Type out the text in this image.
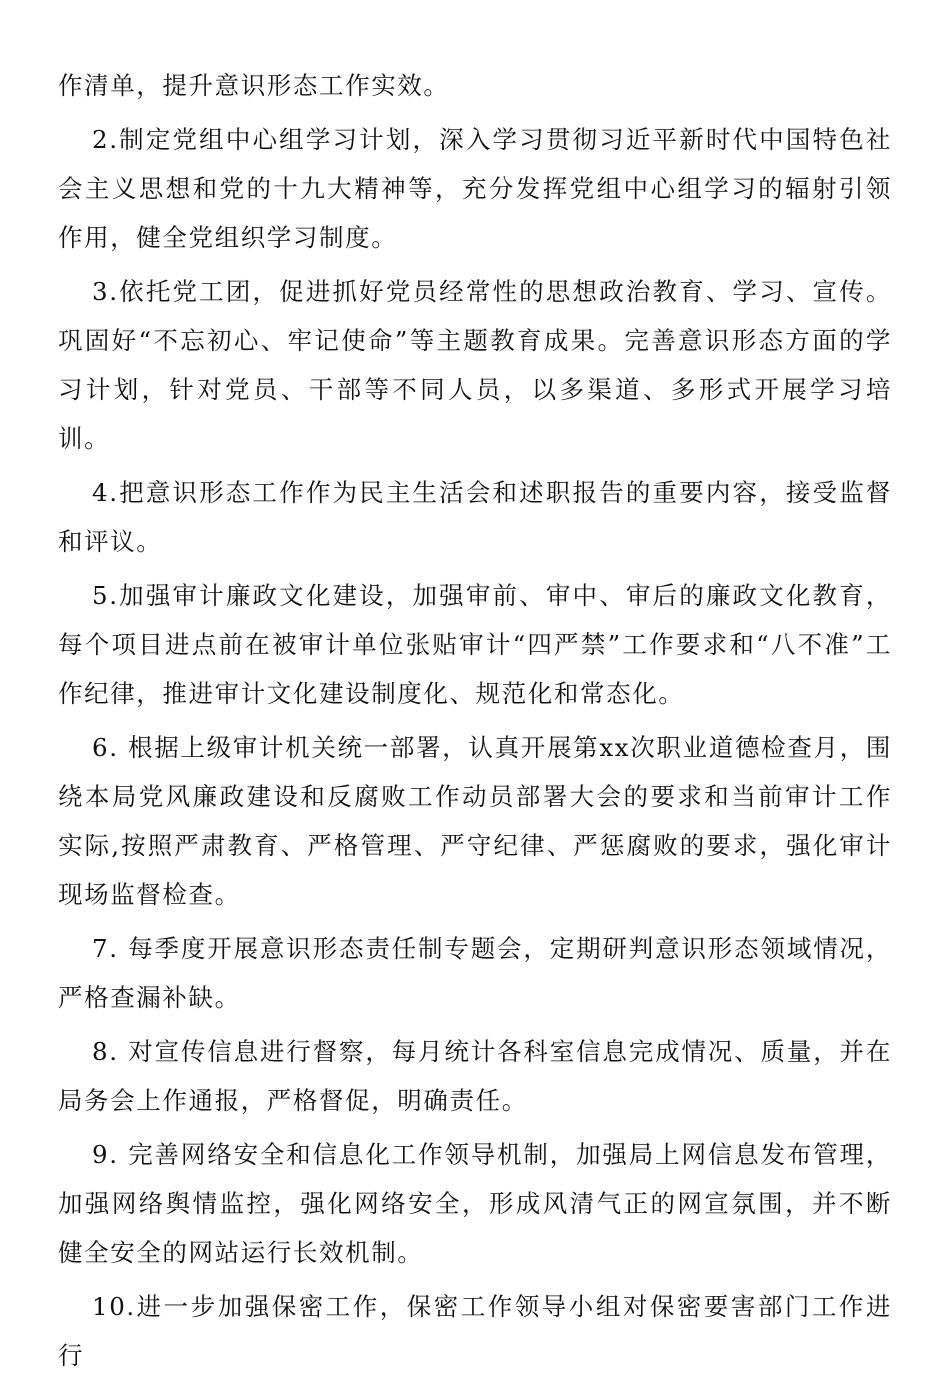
作清单，提升意识形态工作实效。

2.制定党组中心组学习计划，深入学习贯彻习近平新时代中国特色社会主义思想和党的十九大精神等，充分发挥党组中心组学习的辐射引领作用，健全党组织学习制度。

3.依托党工团，促进抓好党员经常性的思想政治教育、学习、宣传。巩固好“不忘初心、牢记使命”等主题教育成果。完善意识形态方面的学习计划，针对党员、干部等不同人员，以多渠道、多形式开展学习培训。

4.把意识形态工作作为民主生活会和述职报告的重要内容，接受监督和评议。

5.加强审计廉政文化建设，加强审前、审中、审后的廉政文化教育，每个项目进点前在被审计单位张贴审计“四严禁”工作要求和“八不准”工作纪律，推进审计文化建设制度化、规范化和常态化。

6. 根据上级审计机关统一部署，认真开展第xx次职业道德检查月，围绕本局党风廉政建设和反腐败工作动员部署大会的要求和当前审计工作实际,按照严肃教育、严格管理、严守纪律、严惩腐败的要求，强化审计现场监督检查。

7. 每季度开展意识形态责任制专题会，定期研判意识形态领域情况，严格查漏补缺。

8. 对宣传信息进行督察，每月统计各科室信息完成情况、质量，并在局务会上作通报，严格督促，明确责任。

9. 完善网络安全和信息化工作领导机制，加强局上网信息发布管理，加强网络舆情监控，强化网络安全，形成风清气正的网宣氛围，并不断健全安全的网站运行长效机制。

10.进一步加强保密工作，保密工作领导小组对保密要害部门工作进行
